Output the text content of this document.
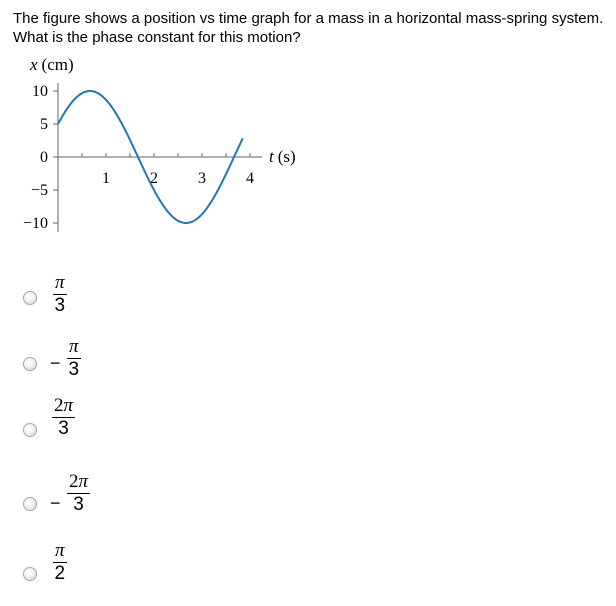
The figure shows a position vs time graph for a mass in a horizontal mass-spring system. What is the phase constant for this motion?

x (cm)
10
5
0
−5
−10
1	2	3	4
t (s)
π
3
−
π
3
2π
3
−
2π
3
π
2
